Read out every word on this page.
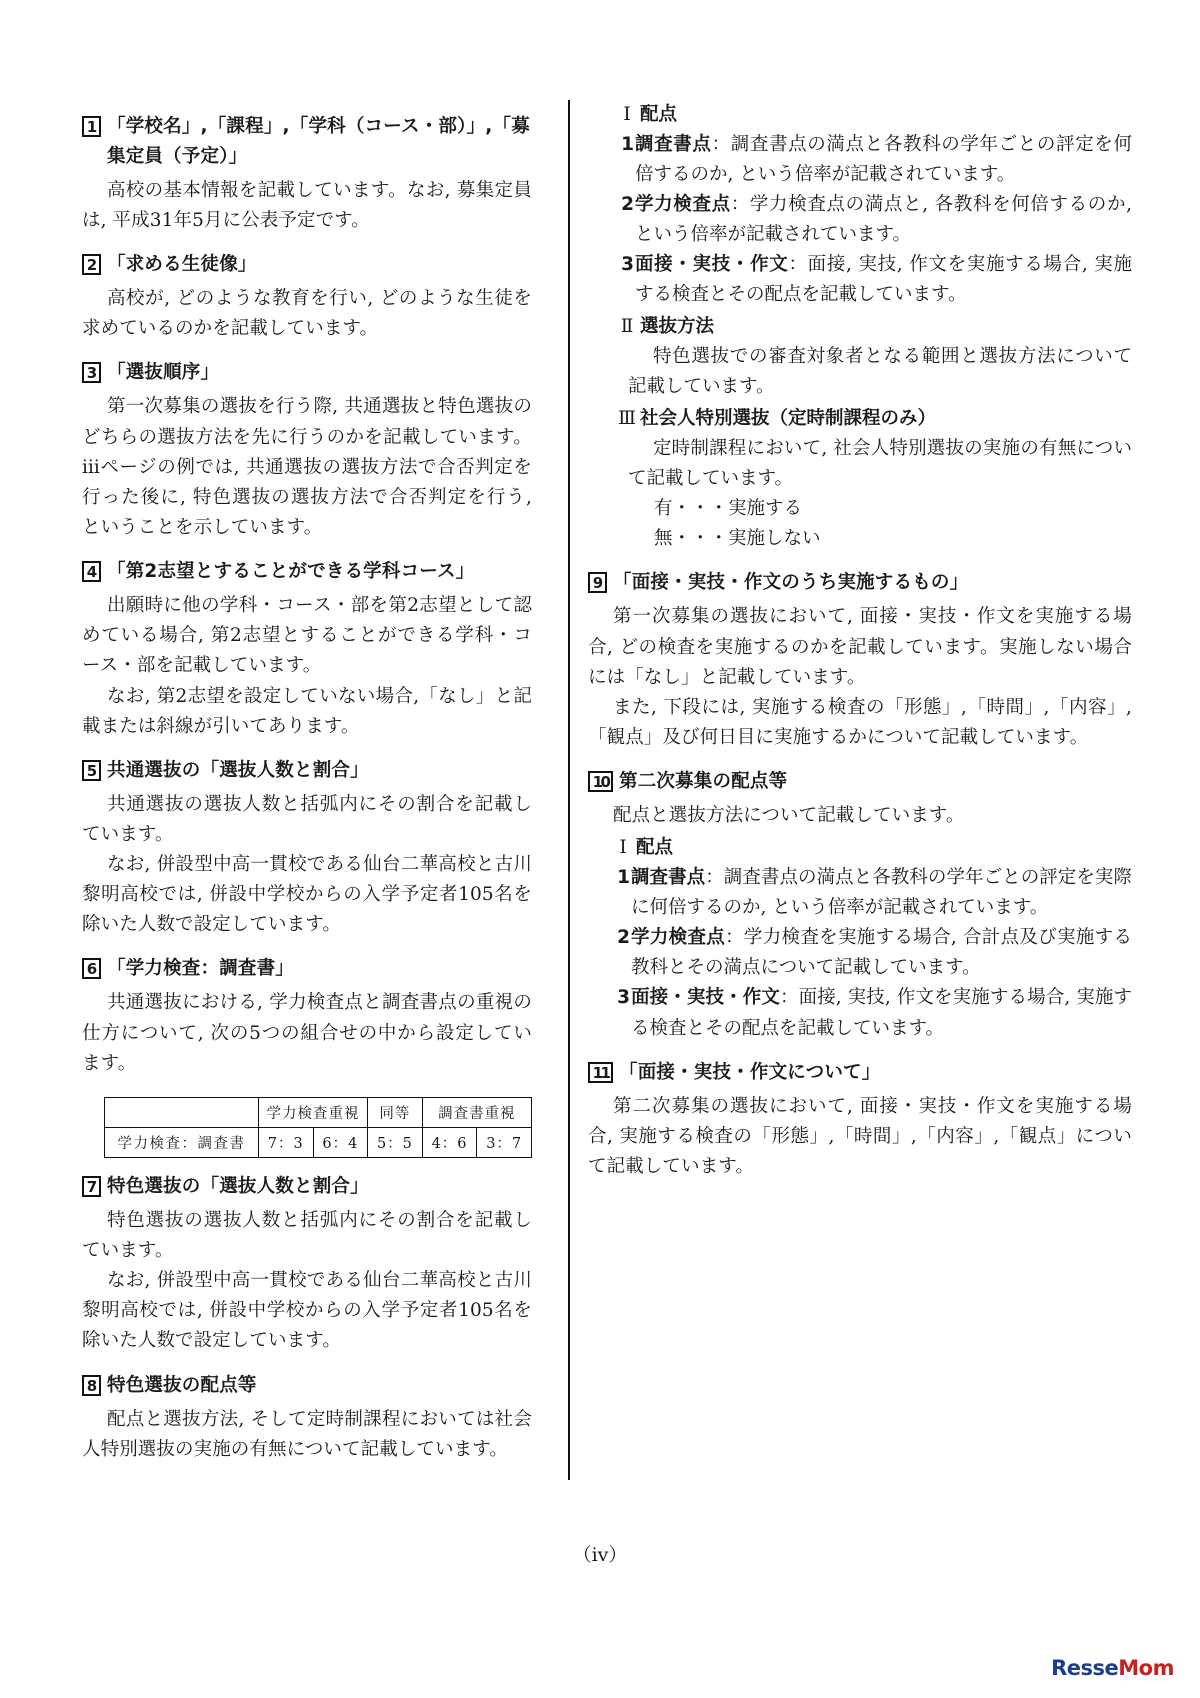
1 「学校名」,「課程」,「学科（コース・部）」,「募集定員（予定）」

高校の基本情報を記載しています。なお, 募集定員は, 平成31年5月に公表予定です。

2 「求める生徒像」

高校が, どのような教育を行い, どのような生徒を求めているのかを記載しています。

3 「選抜順序」

第一次募集の選抜を行う際, 共通選抜と特色選抜のどちらの選抜方法を先に行うのかを記載しています。ⅲページの例では, 共通選抜の選抜方法で合否判定を行った後に, 特色選抜の選抜方法で合否判定を行う, ということを示しています。

4 「第2志望とすることができる学科コース」

出願時に他の学科・コース・部を第2志望として認めている場合, 第2志望とすることができる学科・コース・部を記載しています。

なお, 第2志望を設定していない場合,「なし」と記載または斜線が引いてあります。

5 共通選抜の「選抜人数と割合」

共通選抜の選抜人数と括弧内にその割合を記載しています。

なお, 併設型中高一貫校である仙台二華高校と古川黎明高校では, 併設中学校からの入学予定者105名を除いた人数で設定しています。

6 「学力検査：調査書」

共通選抜における, 学力検査点と調査書点の重視の仕方について, 次の5つの組合せの中から設定しています。

	学力検査重視		同等	調査書重視	
学力検査：調査書	7：3	6：4	5：5	4：6	3：7
7 特色選抜の「選抜人数と割合」

特色選抜の選抜人数と括弧内にその割合を記載しています。

なお, 併設型中高一貫校である仙台二華高校と古川黎明高校では, 併設中学校からの入学予定者105名を除いた人数で設定しています。

8 特色選抜の配点等

配点と選抜方法, そして定時制課程においては社会人特別選抜の実施の有無について記載しています。

Ⅰ 配点
1 調査書点：調査書点の満点と各教科の学年ごとの評定を何倍するのか, という倍率が記載されています。
2 学力検査点：学力検査点の満点と, 各教科を何倍するのか, という倍率が記載されています。
3 面接・実技・作文：面接, 実技, 作文を実施する場合, 実施する検査とその配点を記載しています。
Ⅱ 選抜方法
特色選抜での審査対象者となる範囲と選抜方法について記載しています。
Ⅲ 社会人特別選抜（定時制課程のみ）
定時制課程において, 社会人特別選抜の実施の有無について記載しています。
有・・・実施する
無・・・実施しない
9 「面接・実技・作文のうち実施するもの」

第一次募集の選抜において, 面接・実技・作文を実施する場合, どの検査を実施するのかを記載しています。実施しない場合には「なし」と記載しています。

また, 下段には, 実施する検査の「形態」,「時間」,「内容」,「観点」及び何日目に実施するかについて記載しています。

10 第二次募集の配点等

配点と選抜方法について記載しています。

Ⅰ 配点
1 調査書点：調査書点の満点と各教科の学年ごとの評定を実際に何倍するのか, という倍率が記載されています。
2 学力検査点：学力検査を実施する場合, 合計点及び実施する教科とその満点について記載しています。
3 面接・実技・作文：面接, 実技, 作文を実施する場合, 実施する検査とその配点を記載しています。
11 「面接・実技・作文について」

第二次募集の選抜において, 面接・実技・作文を実施する場合, 実施する検査の「形態」,「時間」,「内容」,「観点」について記載しています。

（iv）
ResseMom
